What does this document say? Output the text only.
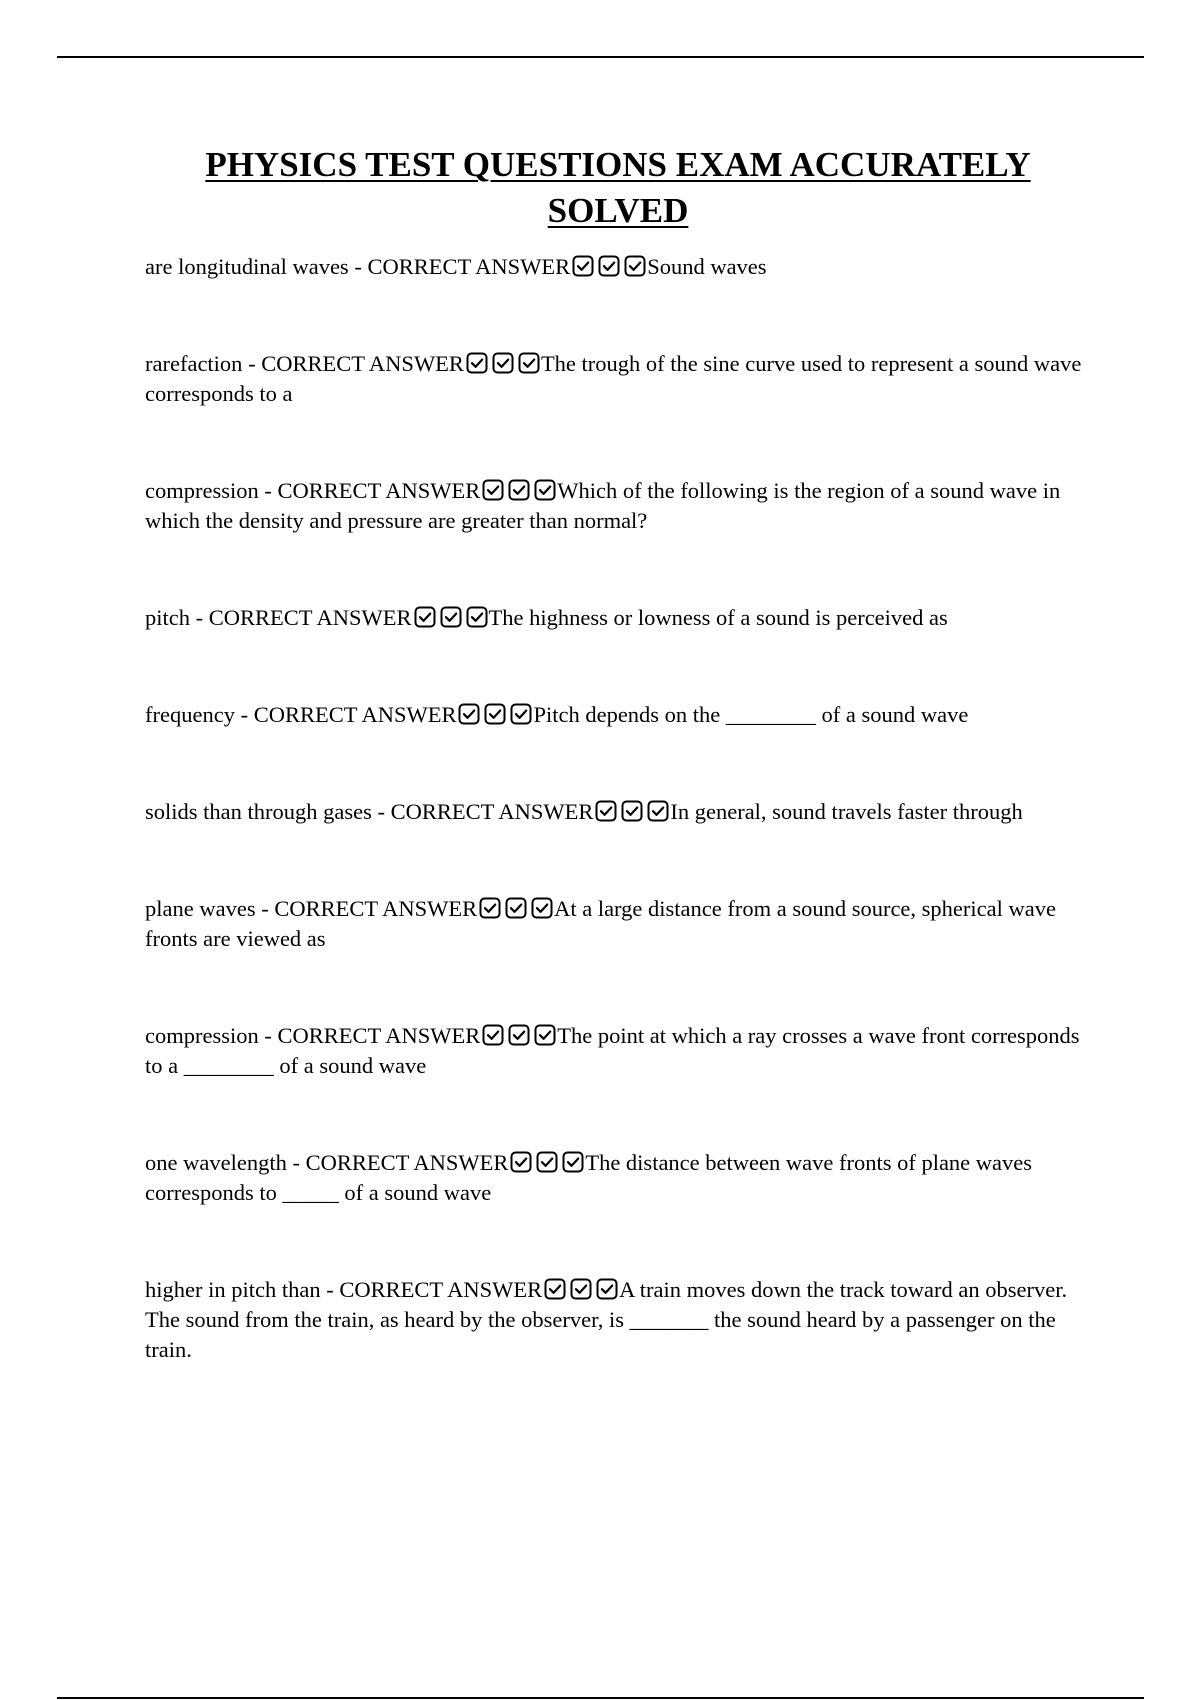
PHYSICS TEST QUESTIONS EXAM ACCURATELY
SOLVED
are longitudinal waves - CORRECT ANSWER	Sound waves
rarefaction - CORRECT ANSWER	The trough of the sine curve used to represent a sound wave corresponds to a
compression - CORRECT ANSWER	Which of the following is the region of a sound wave in which the density and pressure are greater than normal?
pitch - CORRECT ANSWER	The highness or lowness of a sound is perceived as
frequency - CORRECT ANSWER	Pitch depends on the ________ of a sound wave
solids than through gases - CORRECT ANSWER	In general, sound travels faster through
plane waves - CORRECT ANSWER	At a large distance from a sound source, spherical wave fronts are viewed as
compression - CORRECT ANSWER	The point at which a ray crosses a wave front corresponds to a ________ of a sound wave
one wavelength - CORRECT ANSWER	The distance between wave fronts of plane waves corresponds to _____ of a sound wave
higher in pitch than - CORRECT ANSWER	A train moves down the track toward an observer. The sound from the train, as heard by the observer, is _______ the sound heard by a passenger on the train.
